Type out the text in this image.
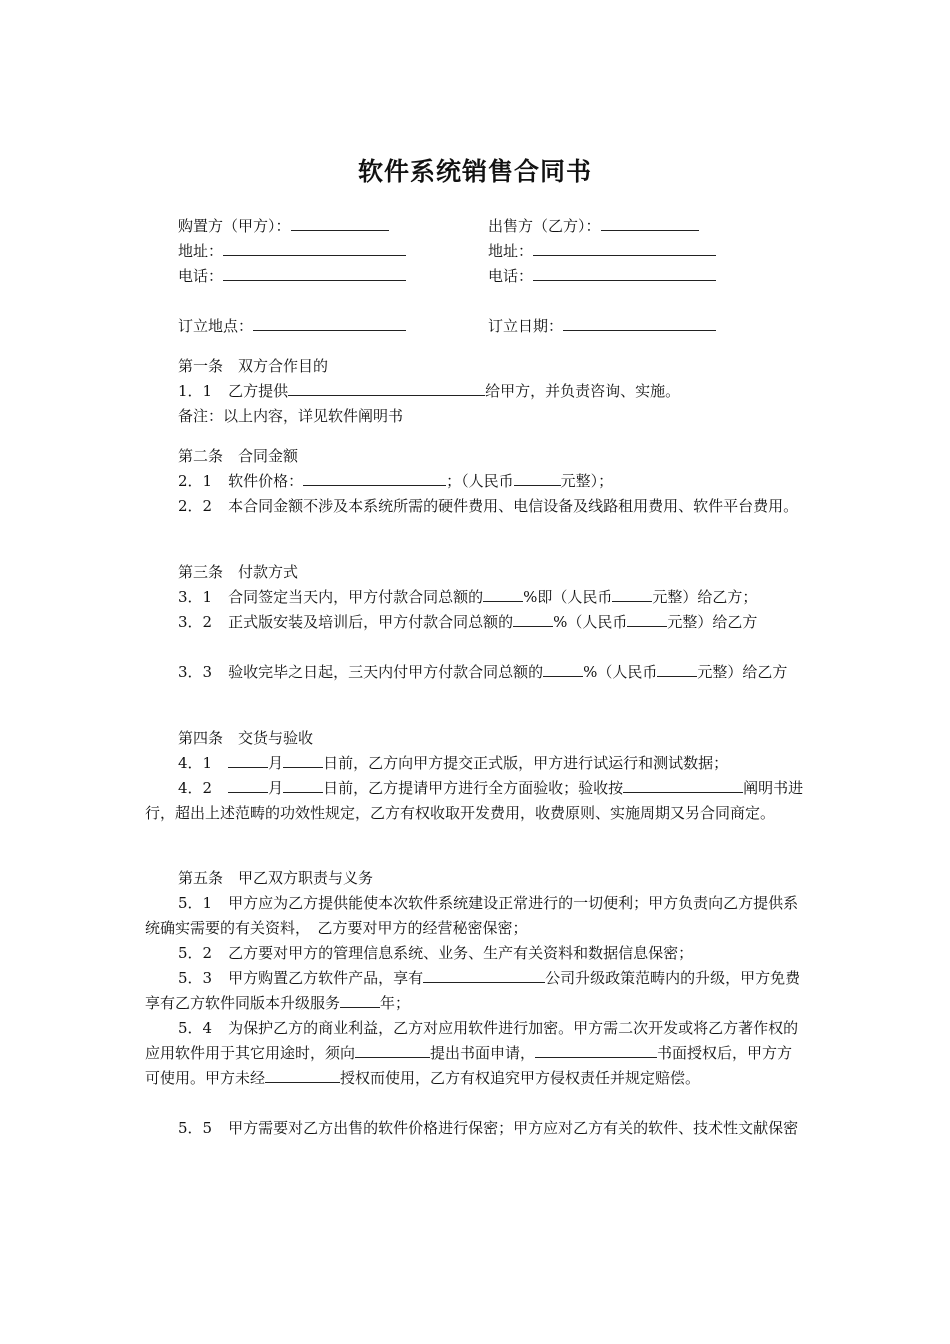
软件系统销售合同书
购置方（甲方）：	出售方（乙方）：
地址：	地址：
电话：	电话：
订立地点：	订立日期：
第一条　双方合作目的
1．1 乙方提供	给甲方，并负责咨询、实施。
备注：以上内容，详见软件阐明书
第二条　合同金额
2．1 软件价格：	；（人民币	元整）；
2．2 本合同金额不涉及本系统所需的硬件费用、电信设备及线路租用费用、软件平台费用。
第三条　付款方式
3．1 合同签定当天内，甲方付款合同总额的	%即（人民币	元整）给乙方；
3．2 正式版安装及培训后，甲方付款合同总额的	%（人民币	元整）给乙方
3．3 验收完毕之日起，三天内付甲方付款合同总额的	%（人民币	元整）给乙方
第四条　交货与验收
4．1	月	日前，乙方向甲方提交正式版，甲方进行试运行和测试数据；
4．2	月	日前，乙方提请甲方进行全方面验收；验收按	阐明书进行，超出上述范畴的功效性规定，乙方有权收取开发费用，收费原则、实施周期又另合同商定。
第五条　甲乙双方职责与义务
5．1 甲方应为乙方提供能使本次软件系统建设正常进行的一切便利；甲方负责向乙方提供系统确实需要的有关资料，　乙方要对甲方的经营秘密保密；
5．2 乙方要对甲方的管理信息系统、业务、生产有关资料和数据信息保密；
5．3 甲方购置乙方软件产品，享有	公司升级政策范畴内的升级，甲方免费享有乙方软件同版本升级服务	年；
5．4 为保护乙方的商业利益，乙方对应用软件进行加密。甲方需二次开发或将乙方著作权的应用软件用于其它用途时，须向	提出书面申请，	书面授权后，甲方方可使用。甲方未经	授权而使用，乙方有权追究甲方侵权责任并规定赔偿。
5．5 甲方需要对乙方出售的软件价格进行保密；甲方应对乙方有关的软件、技术性文献保密
